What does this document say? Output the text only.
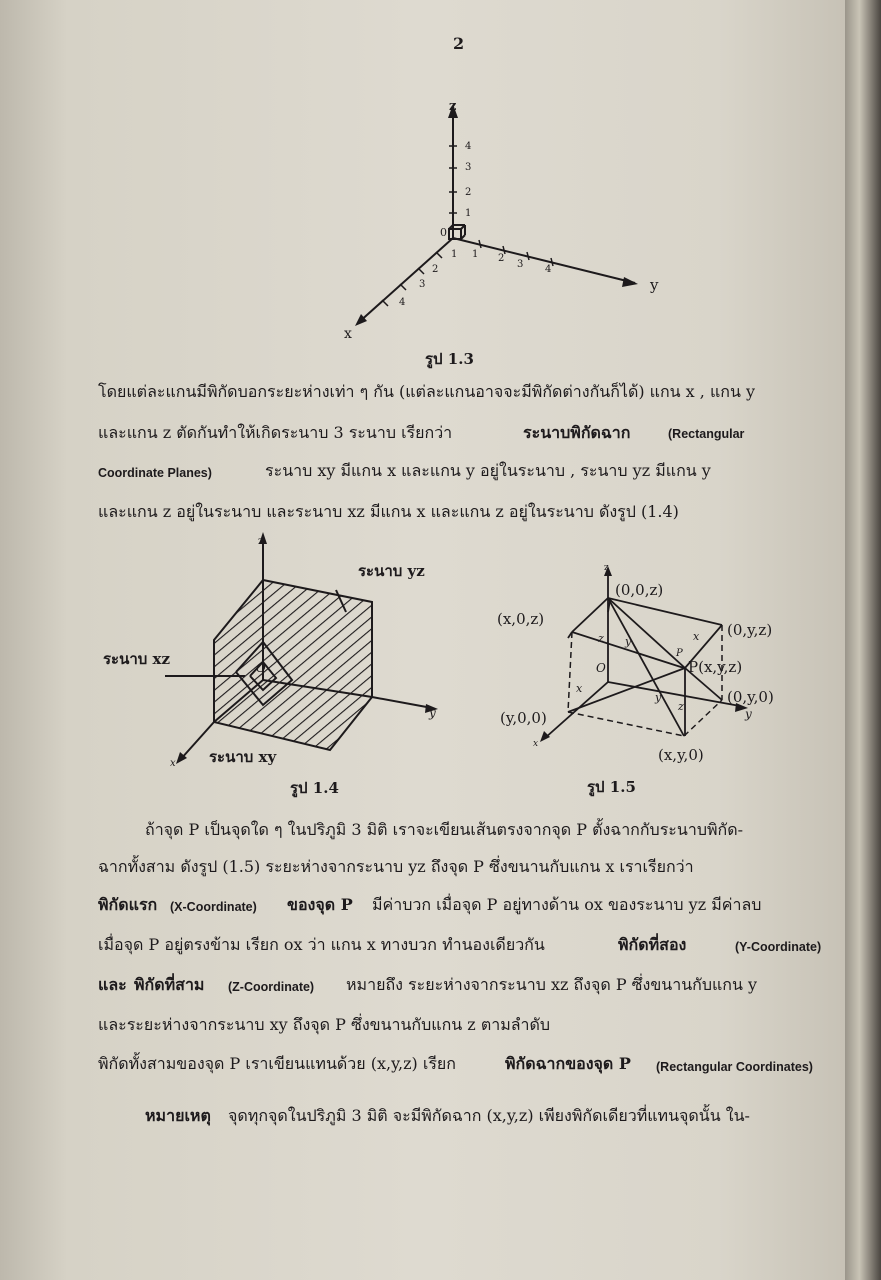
2
z
y
x
0
1
2
3
4
1 2
3 4
1
2
3
4
รูป 1.3
โดยแต่ละแกนมีพิกัดบอกระยะห่างเท่า ๆ กัน (แต่ละแกนอาจจะมีพิกัดต่างกันก็ได้) แกน x , แกน y
และแกน z ตัดกันทำให้เกิดระนาบ 3 ระนาบ เรียกว่า	ระนาบพิกัดฉาก	(Rectangular
Coordinate Planes)	ระนาบ xy มีแกน x และแกน y อยู่ในระนาบ , ระนาบ yz มีแกน y
และแกน z อยู่ในระนาบ และระนาบ xz มีแกน x และแกน z อยู่ในระนาบ ดังรูป (1.4)
z
y
x
O
ระนาบ yz
ระนาบ xz
ระนาบ xy
รูป 1.4
z
y
x
O
(0,0,z)
(x,0,z)
(0,y,z)
P(x,y,z)
(0,y,0)
(y,0,0)
(x,y,0)
z y	x
P
x
y
z
รูป 1.5
ถ้าจุด P เป็นจุดใด ๆ ในปริภูมิ 3 มิติ เราจะเขียนเส้นตรงจากจุด P ตั้งฉากกับระนาบพิกัด-
ฉากทั้งสาม ดังรูป (1.5) ระยะห่างจากระนาบ yz ถึงจุด P ซึ่งขนานกับแกน x เราเรียกว่า
พิกัดแรก (X-Coordinate) ของจุด P มีค่าบวก เมื่อจุด P อยู่ทางด้าน ox ของระนาบ yz มีค่าลบ
เมื่อจุด P อยู่ตรงข้าม เรียก ox ว่า แกน x ทางบวก ทำนองเดียวกัน	พิกัดที่สอง	(Y-Coordinate)
และ พิกัดที่สาม (Z-Coordinate) หมายถึง ระยะห่างจากระนาบ xz ถึงจุด P ซึ่งขนานกับแกน y
และระยะห่างจากระนาบ xy ถึงจุด P ซึ่งขนานกับแกน z ตามลำดับ
พิกัดทั้งสามของจุด P เราเขียนแทนด้วย (x,y,z) เรียก	พิกัดฉากของจุด P (Rectangular Coordinates)
หมายเหตุ จุดทุกจุดในปริภูมิ 3 มิติ จะมีพิกัดฉาก (x,y,z) เพียงพิกัดเดียวที่แทนจุดนั้น ใน-
